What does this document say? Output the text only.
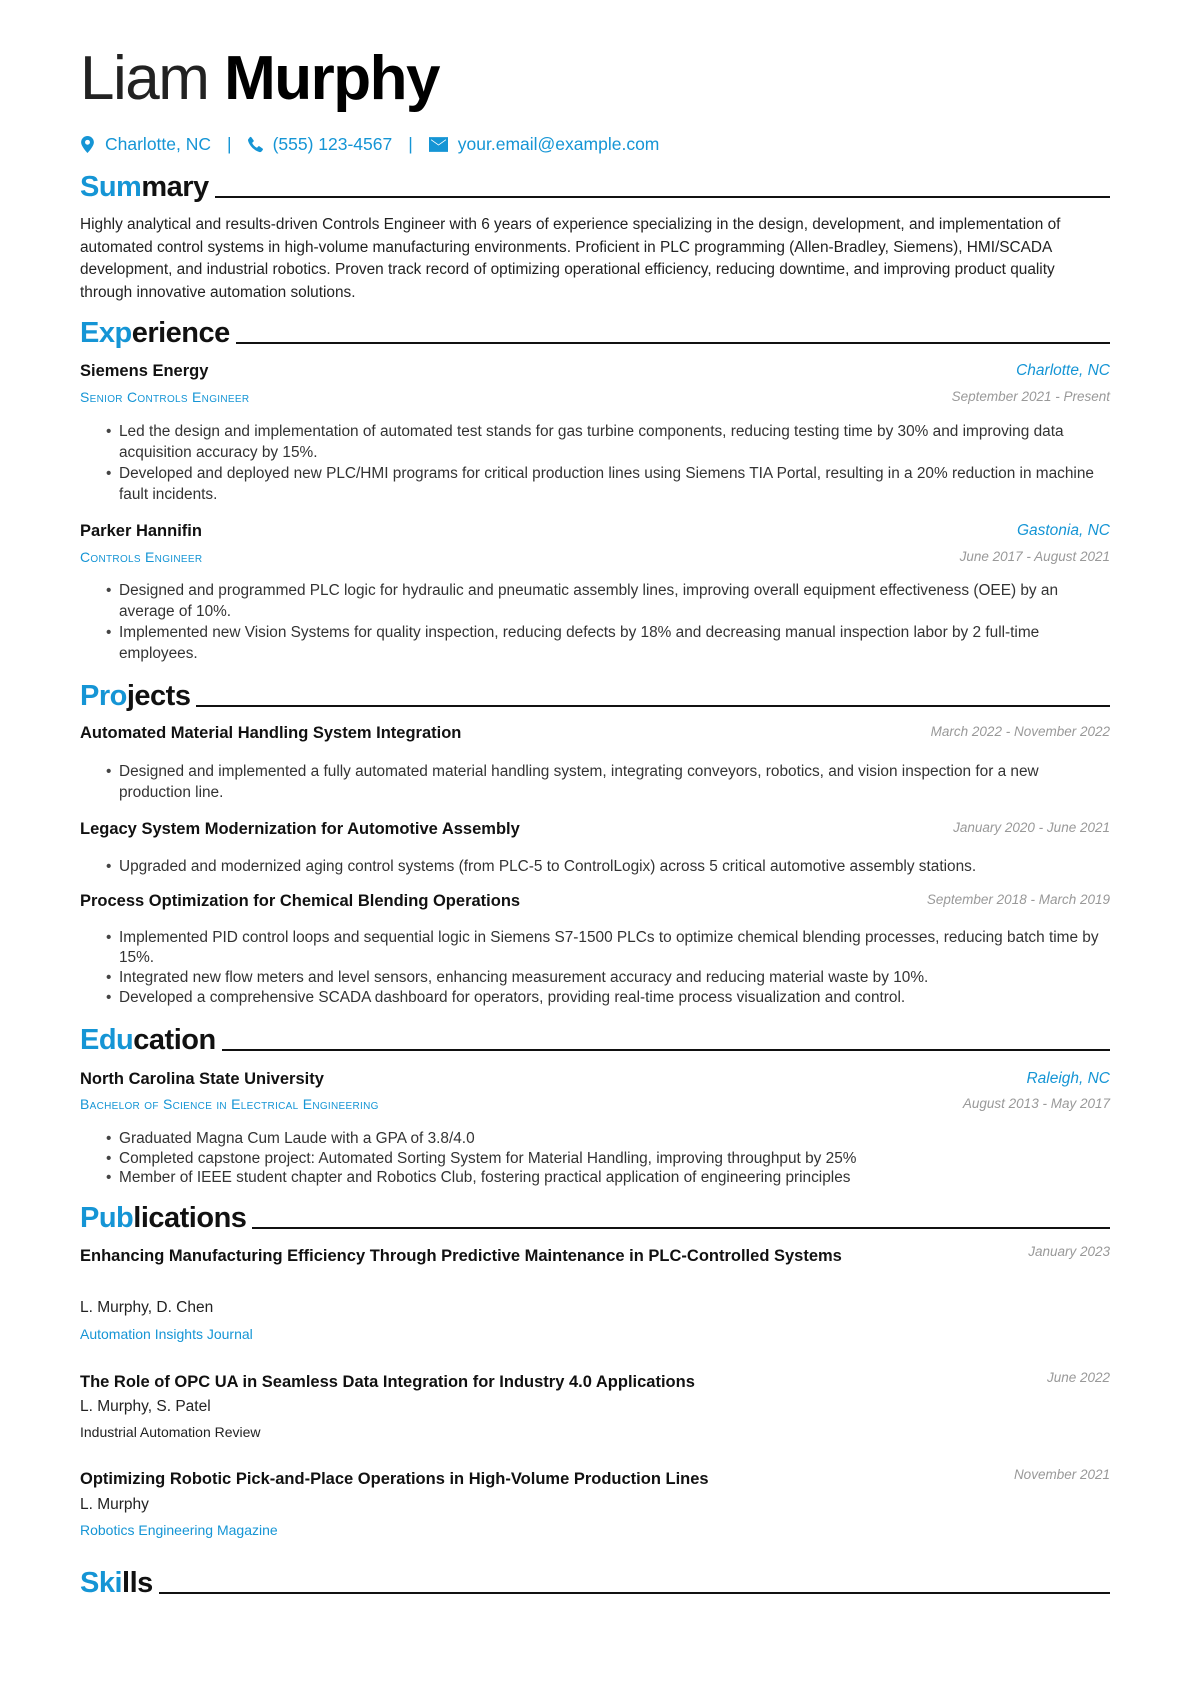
Liam Murphy
Charlotte, NC | (555) 123-4567 |	your.email@example.com
Summary
Highly analytical and results-driven Controls Engineer with 6 years of experience specializing in the design, development, and implementation of automated control systems in high-volume manufacturing environments. Proficient in PLC programming (Allen-Bradley, Siemens), HMI/SCADA development, and industrial robotics. Proven track record of optimizing operational efficiency, reducing downtime, and improving product quality through innovative automation solutions.
Experience
Siemens Energy	Charlotte, NC
Senior Controls Engineer	September 2021 - Present
• Led the design and implementation of automated test stands for gas turbine components, reducing testing time by 30% and improving data acquisition accuracy by 15%.
• Developed and deployed new PLC/HMI programs for critical production lines using Siemens TIA Portal, resulting in a 20% reduction in machine fault incidents.
Parker Hannifin	Gastonia, NC
Controls Engineer	June 2017 - August 2021
• Designed and programmed PLC logic for hydraulic and pneumatic assembly lines, improving overall equipment effectiveness (OEE) by an average of 10%.
• Implemented new Vision Systems for quality inspection, reducing defects by 18% and decreasing manual inspection labor by 2 full-time employees.
Projects
Automated Material Handling System Integration	March 2022 - November 2022
• Designed and implemented a fully automated material handling system, integrating conveyors, robotics, and vision inspection for a new production line.
Legacy System Modernization for Automotive Assembly	January 2020 - June 2021
• Upgraded and modernized aging control systems (from PLC-5 to ControlLogix) across 5 critical automotive assembly stations.
Process Optimization for Chemical Blending Operations	September 2018 - March 2019
• Implemented PID control loops and sequential logic in Siemens S7-1500 PLCs to optimize chemical blending processes, reducing batch time by 15%.
• Integrated new flow meters and level sensors, enhancing measurement accuracy and reducing material waste by 10%.
• Developed a comprehensive SCADA dashboard for operators, providing real-time process visualization and control.
Education
North Carolina State University	Raleigh, NC
Bachelor of Science in Electrical Engineering	August 2013 - May 2017
• Graduated Magna Cum Laude with a GPA of 3.8/4.0
• Completed capstone project: Automated Sorting System for Material Handling, improving throughput by 25%
• Member of IEEE student chapter and Robotics Club, fostering practical application of engineering principles
Publications
Enhancing Manufacturing Efficiency Through Predictive Maintenance in PLC-Controlled Systems	January 2023
L. Murphy, D. Chen
Automation Insights Journal
The Role of OPC UA in Seamless Data Integration for Industry 4.0 Applications	June 2022
L. Murphy, S. Patel
Industrial Automation Review
Optimizing Robotic Pick-and-Place Operations in High-Volume Production Lines	November 2021
L. Murphy
Robotics Engineering Magazine
Skills
